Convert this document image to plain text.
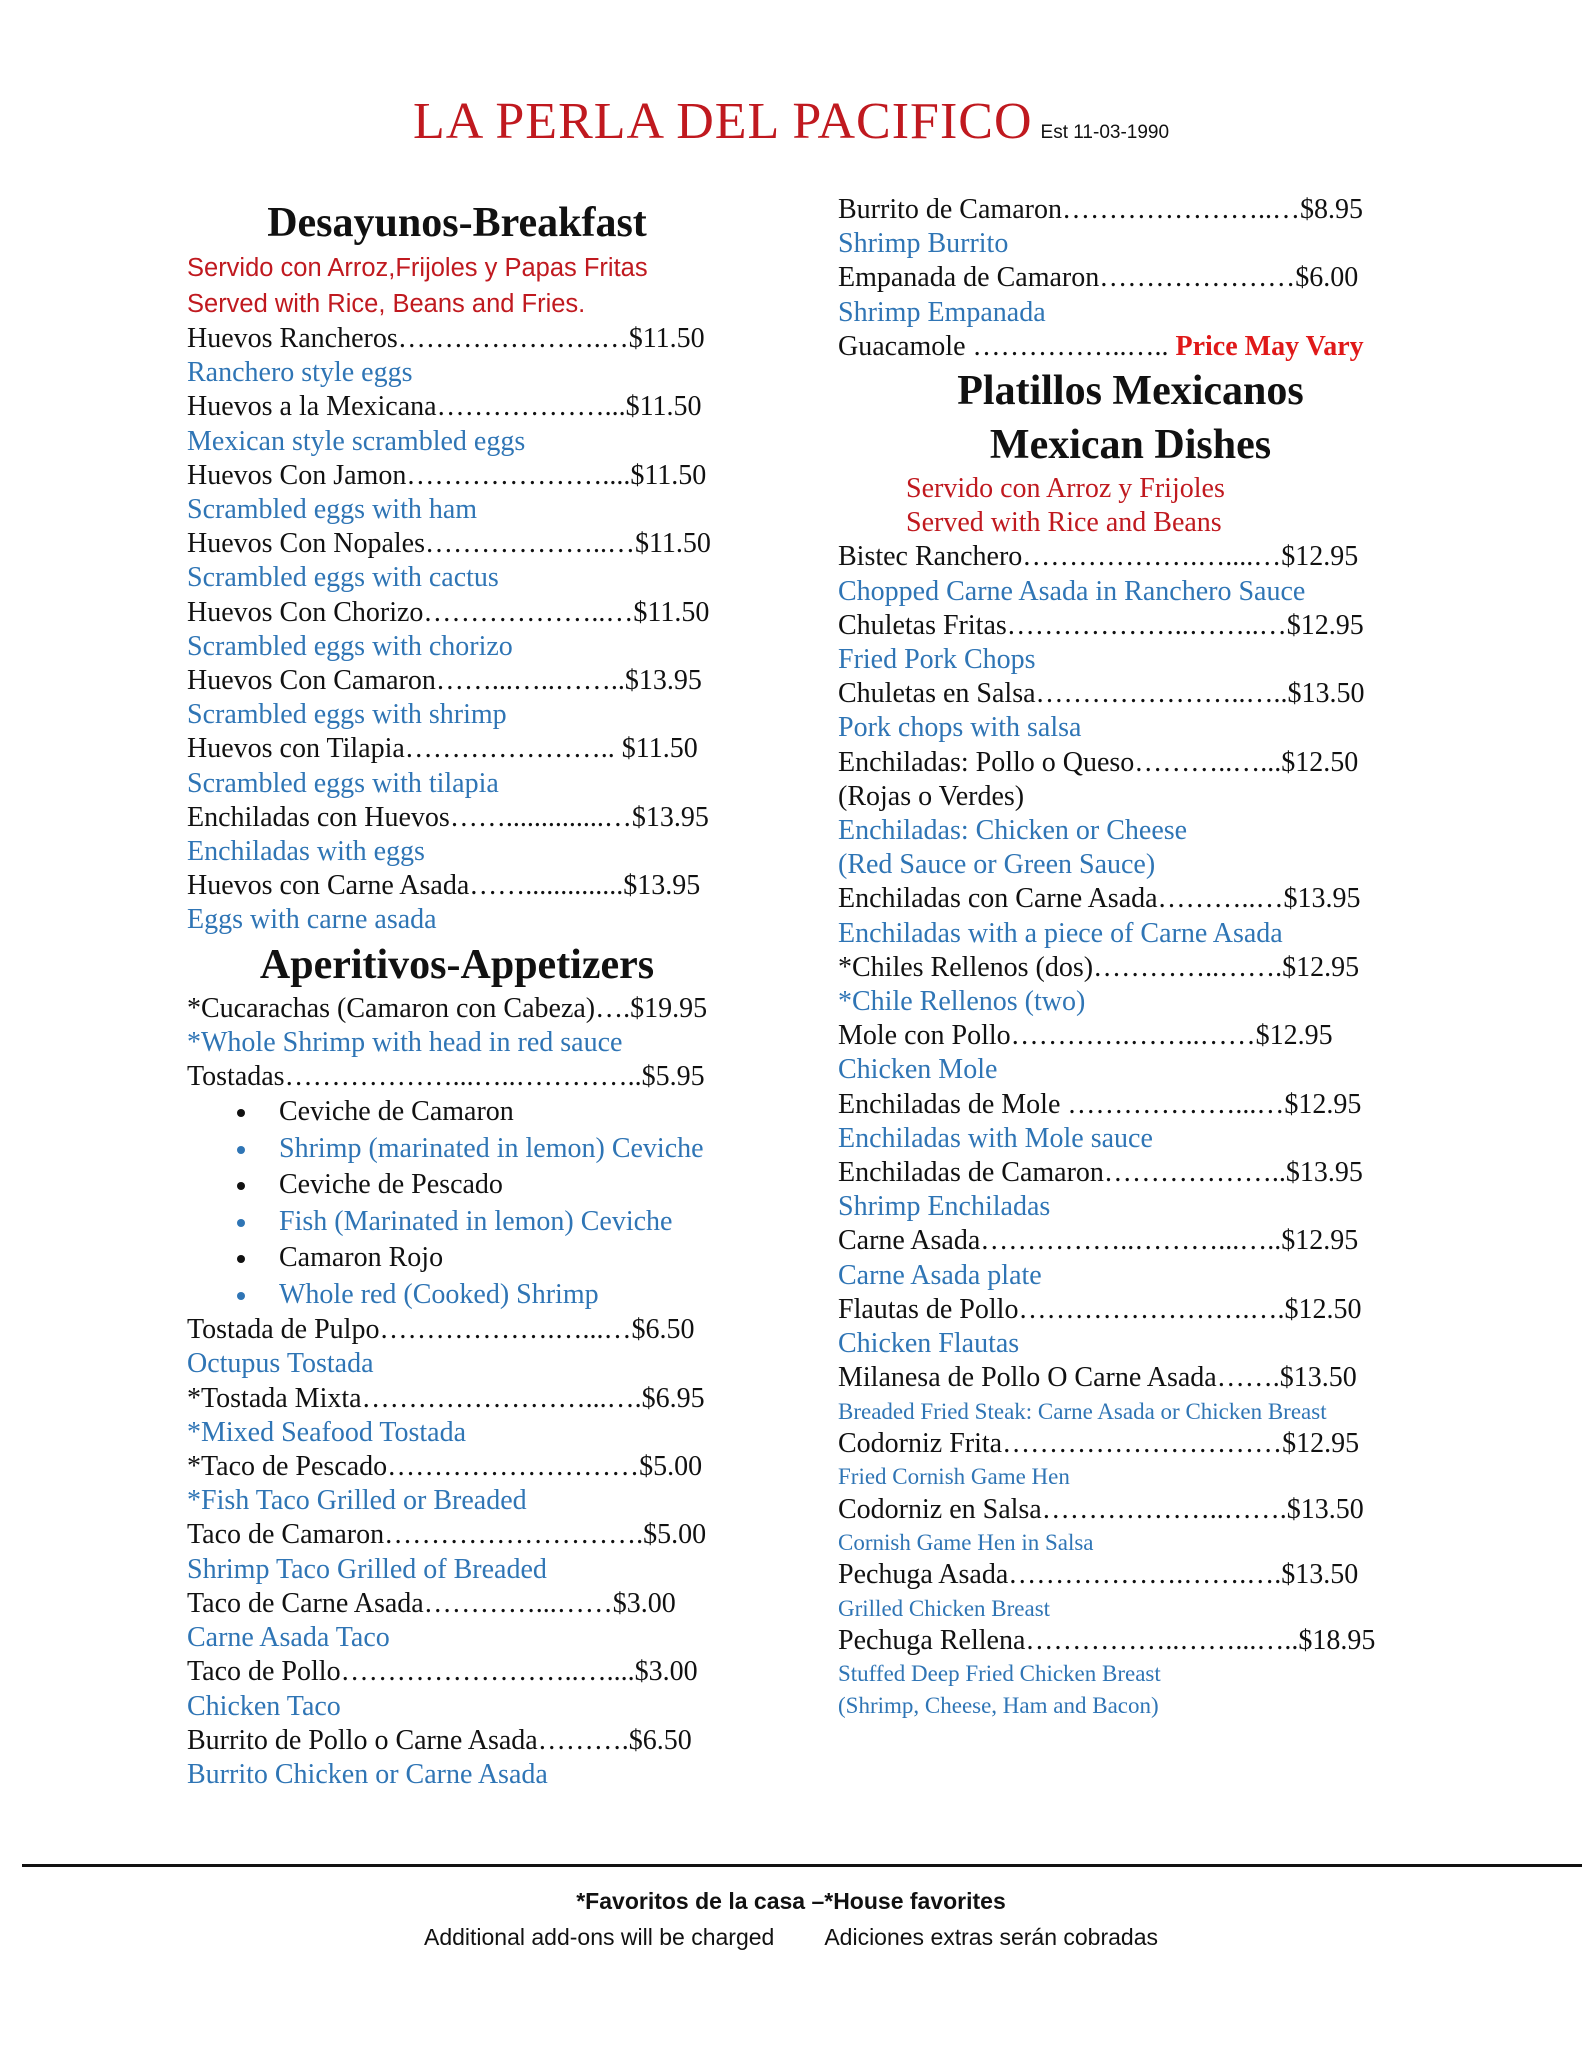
LA PERLA DEL PACIFICO Est 11-03-1990
Desayunos-Breakfast
Servido con Arroz,Frijoles y Papas Fritas
Served with Rice, Beans and Fries.
Huevos Rancheros………………….…$11.50
Ranchero style eggs
Huevos a la Mexicana………………...$11.50
Mexican style scrambled eggs
Huevos Con Jamon…………………....$11.50
Scrambled eggs with ham
Huevos Con Nopales………………..…$11.50
Scrambled eggs with cactus
Huevos Con Chorizo………………..…$11.50
Scrambled eggs with chorizo
Huevos Con Camaron……...…..……..$13.95
Scrambled eggs with shrimp
Huevos con Tilapia………………….. $11.50
Scrambled eggs with tilapia
Enchiladas con Huevos……..............…$13.95
Enchiladas with eggs
Huevos con Carne Asada……..............$13.95
Eggs with carne asada
Aperitivos-Appetizers
*Cucarachas (Camaron con Cabeza)….$19.95
*Whole Shrimp with head in red sauce
Tostadas………………...…..…………..$5.95
Ceviche de Camaron
Shrimp (marinated in lemon) Ceviche
Ceviche de Pescado
Fish (Marinated in lemon) Ceviche
Camaron Rojo
Whole red (Cooked) Shrimp
Tostada de Pulpo……………….…...…$6.50
Octupus Tostada
*Tostada Mixta……………………...….$6.95
*Mixed Seafood Tostada
*Taco de Pescado………………………$5.00
*Fish Taco Grilled or Breaded
Taco de Camaron……………………….$5.00
Shrimp Taco Grilled of Breaded
Taco de Carne Asada…………...……$3.00
Carne Asada Taco
Taco de Pollo……………………..…....$3.00
Chicken Taco
Burrito de Pollo o Carne Asada……….$6.50
Burrito Chicken or Carne Asada
Burrito de Camaron…………………..…$8.95
Shrimp Burrito
Empanada de Camaron…………………$6.00
Shrimp Empanada
Guacamole ……………..….. Price May Vary
Platillos Mexicanos
Mexican Dishes
Servido con Arroz y Frijoles
Served with Rice and Beans
Bistec Ranchero……………….…....…$12.95
Chopped Carne Asada in Ranchero Sauce
Chuletas Fritas………………..……..…$12.95
Fried Pork Chops
Chuletas en Salsa…………………..…..$13.50
Pork chops with salsa
Enchiladas: Pollo o Queso………..…...$12.50
(Rojas o Verdes)
Enchiladas: Chicken or Cheese
(Red Sauce or Green Sauce)
Enchiladas con Carne Asada………..…$13.95
Enchiladas with a piece of Carne Asada
*Chiles Rellenos (dos)…………..…….$12.95
*Chile Rellenos (two)
Mole con Pollo………….……..……$12.95
Chicken Mole
Enchiladas de Mole ………………...…$12.95
Enchiladas with Mole sauce
Enchiladas de Camaron………………..$13.95
Shrimp Enchiladas
Carne Asada……………..………...…..$12.95
Carne Asada plate
Flautas de Pollo…………………….….$12.50
Chicken Flautas
Milanesa de Pollo O Carne Asada…….$13.50
Breaded Fried Steak: Carne Asada or Chicken Breast
Codorniz Frita…………………………$12.95
Fried Cornish Game Hen
Codorniz en Salsa………………..…….$13.50
Cornish Game Hen in Salsa
Pechuga Asada……………….…….….$13.50
Grilled Chicken Breast
Pechuga Rellena……………..……...…..$18.95
Stuffed Deep Fried Chicken Breast
(Shrimp, Cheese, Ham and Bacon)
*Favoritos de la casa –*House favorites
Additional add-ons will be charged Adiciones extras serán cobradas
